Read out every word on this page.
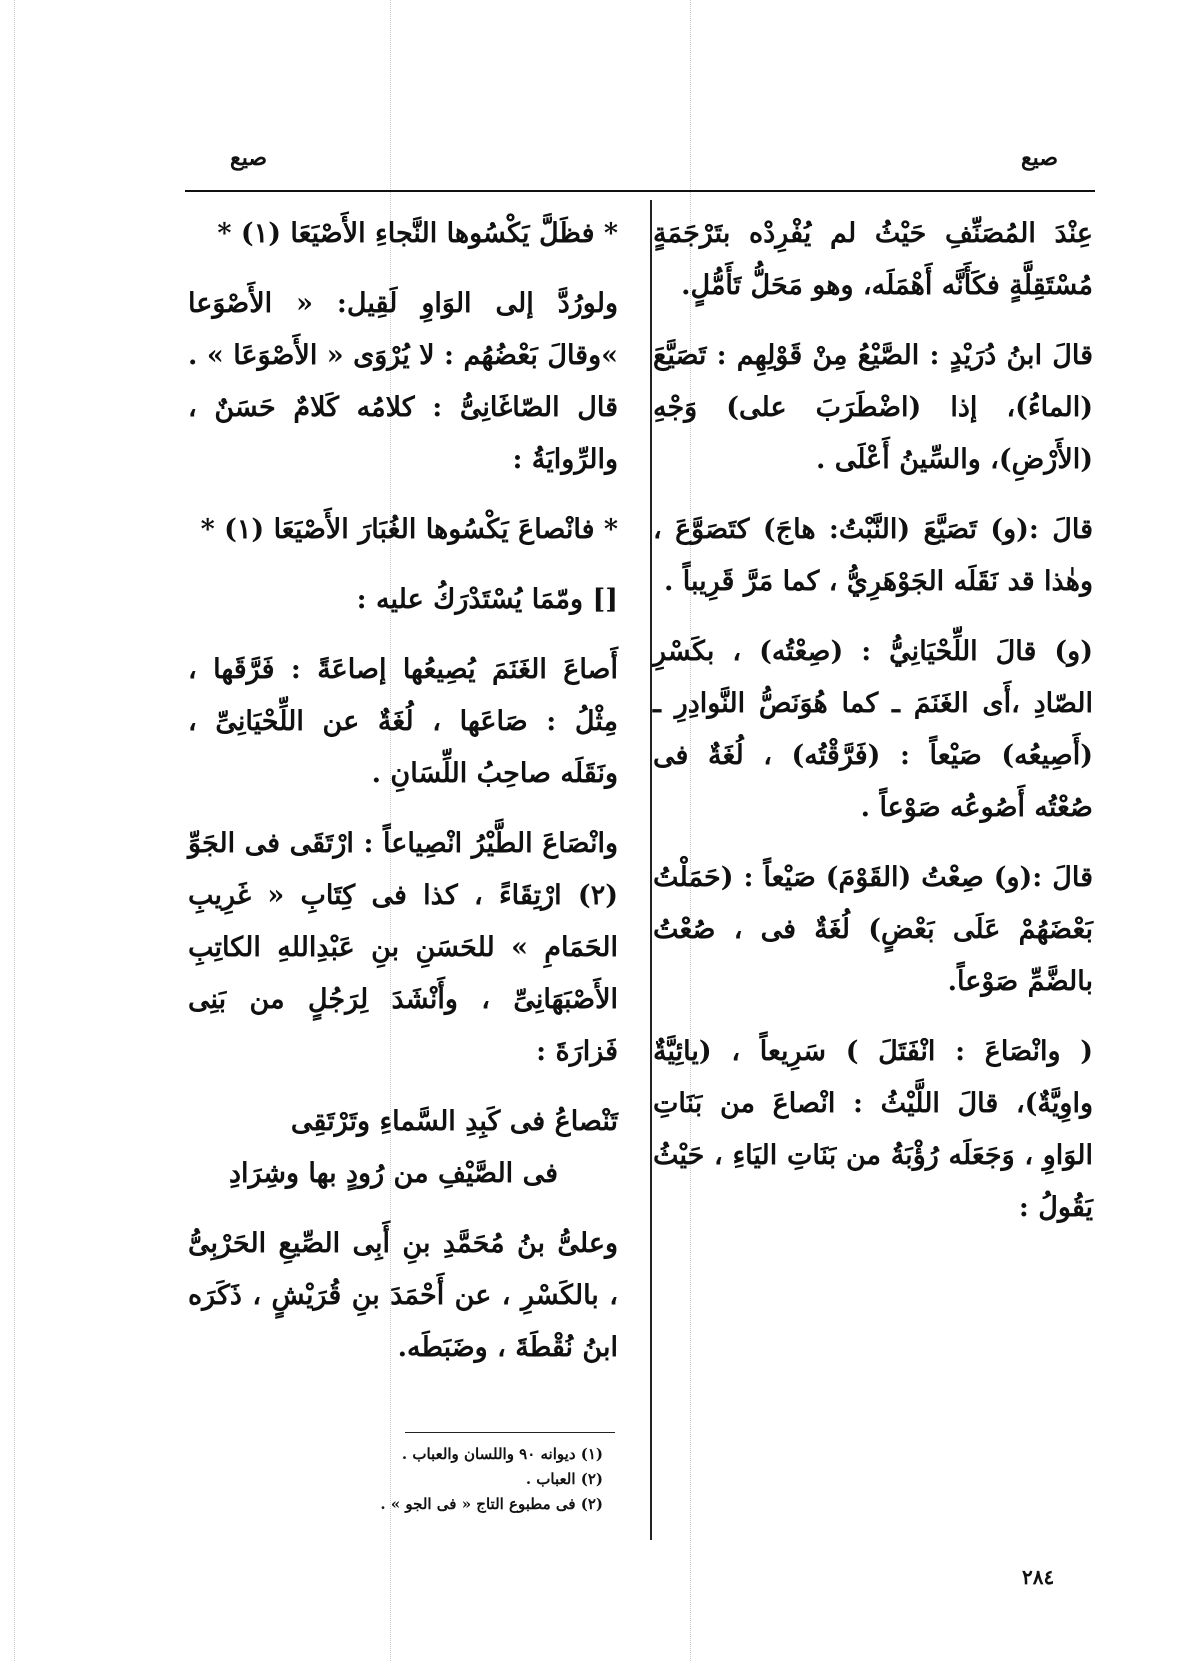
صيع
صيع

عِنْدَ المُصَنِّفِ حَيْثُ لم يُفْرِدْه بتَرْجَمَةٍ مُسْتَقِلَّةٍ فكَأَنَّه أَهْمَلَه، وهو مَحَلُّ تَأَمُّلٍ.

قالَ ابنُ دُرَيْدٍ : الصَّيْعُ مِنْ قَوْلِهِم : تَصَيَّعَ (الماءُ)، إذا (اضْطَرَبَ على) وَجْهِ (الأَرْضِ)، والسِّينُ أَعْلَى .

قالَ :(و) تَصَيَّعَ (النَّبْتُ: هاجَ) كتَصَوَّعَ ، وهٰذا قد نَقَلَه الجَوْهَرِيُّ ، كما مَرَّ قَرِيباً .

(و) قالَ اللِّحْيَانِيُّ : (صِعْتُه) ، بكَسْرِ الصّادِ ،أَى الغَنَمَ ـ كما هُوَنَصُّ النَّوادِرِ ـ (أَصِيعُه) صَيْعاً : (فَرَّقْتُه) ، لُغَةٌ فى صُعْتُه أَصُوعُه صَوْعاً .

قالَ :(و) صِعْتُ (القَوْمَ) صَيْعاً : (حَمَلْتُ بَعْضَهُمْ عَلَى بَعْضٍ) لُغَةٌ فى ، صُعْتُ بالضَّمِّ صَوْعاً.

( وانْصَاعَ : انْفَتَلَ ) سَرِيعاً ، (يائِيَّةٌ واوِيَّةٌ)، قالَ اللَّيْثُ : انْصاعَ من بَنَاتِ الوَاوِ ، وَجَعَلَه رُؤْبَةُ من بَنَاتِ اليَاءِ ، حَيْثُ يَقُولُ :

* فظَلَّ يَكْسُوها النَّجاءِ الأَصْيَعَا (١) *

ولورُدَّ إلى الوَاوِ لَقِيل: « الأَصْوَعا »وقالَ بَعْضُهُم : لا يُرْوَى « الأَصْوَعَا » . قال الصّاغَانِىُّ : كلامُه كَلامٌ حَسَنٌ ، والرِّوايَةُ :

* فانْصاعَ يَكْسُوها الغُبَارَ الأَصْيَعَا (١) *

[] ومّمَا يُسْتَدْرَكُ عليه :

أَصاعَ الغَنَمَ يُصِيعُها إصاعَةً : فَرَّقَها ، مِثْلُ : صَاعَها ، لُغَةٌ عن اللِّحْيَانِىِّ ، ونَقَلَه صاحِبُ اللِّسَانِ .

وانْصَاعَ الطَّيْرُ انْصِياعاً : ارْتَقَى فى الجَوِّ (٢) ارْتِقَاءً ، كذا فى كِتَابِ « غَرِيبِ الحَمَامِ » للحَسَنِ بنِ عَبْدِاللهِ الكاتِبِ الأَصْبَهَانِىِّ ، وأَنْشَدَ لِرَجُلٍ من بَنِى فَزارَةَ :

تَنْصاعُ فى كَبِدِ السَّماءِ وتَرْتَقِى

فى الصَّيْفِ من رُودٍ بها وشِرَادِ

وعلىُّ بنُ مُحَمَّدِ بنِ أَبِى الصِّيعِ الحَرْبِىُّ ، بالكَسْرِ ، عن أَحْمَدَ بنِ قُرَيْشٍ ، ذَكَرَه ابنُ نُقْطَةَ ، وضَبَطَه.

(١) ديوانه ٩٠ واللسان والعباب .
(٢) العباب .
(٢) فى مطبوع التاج « فى الجو » .
٢٨٤
